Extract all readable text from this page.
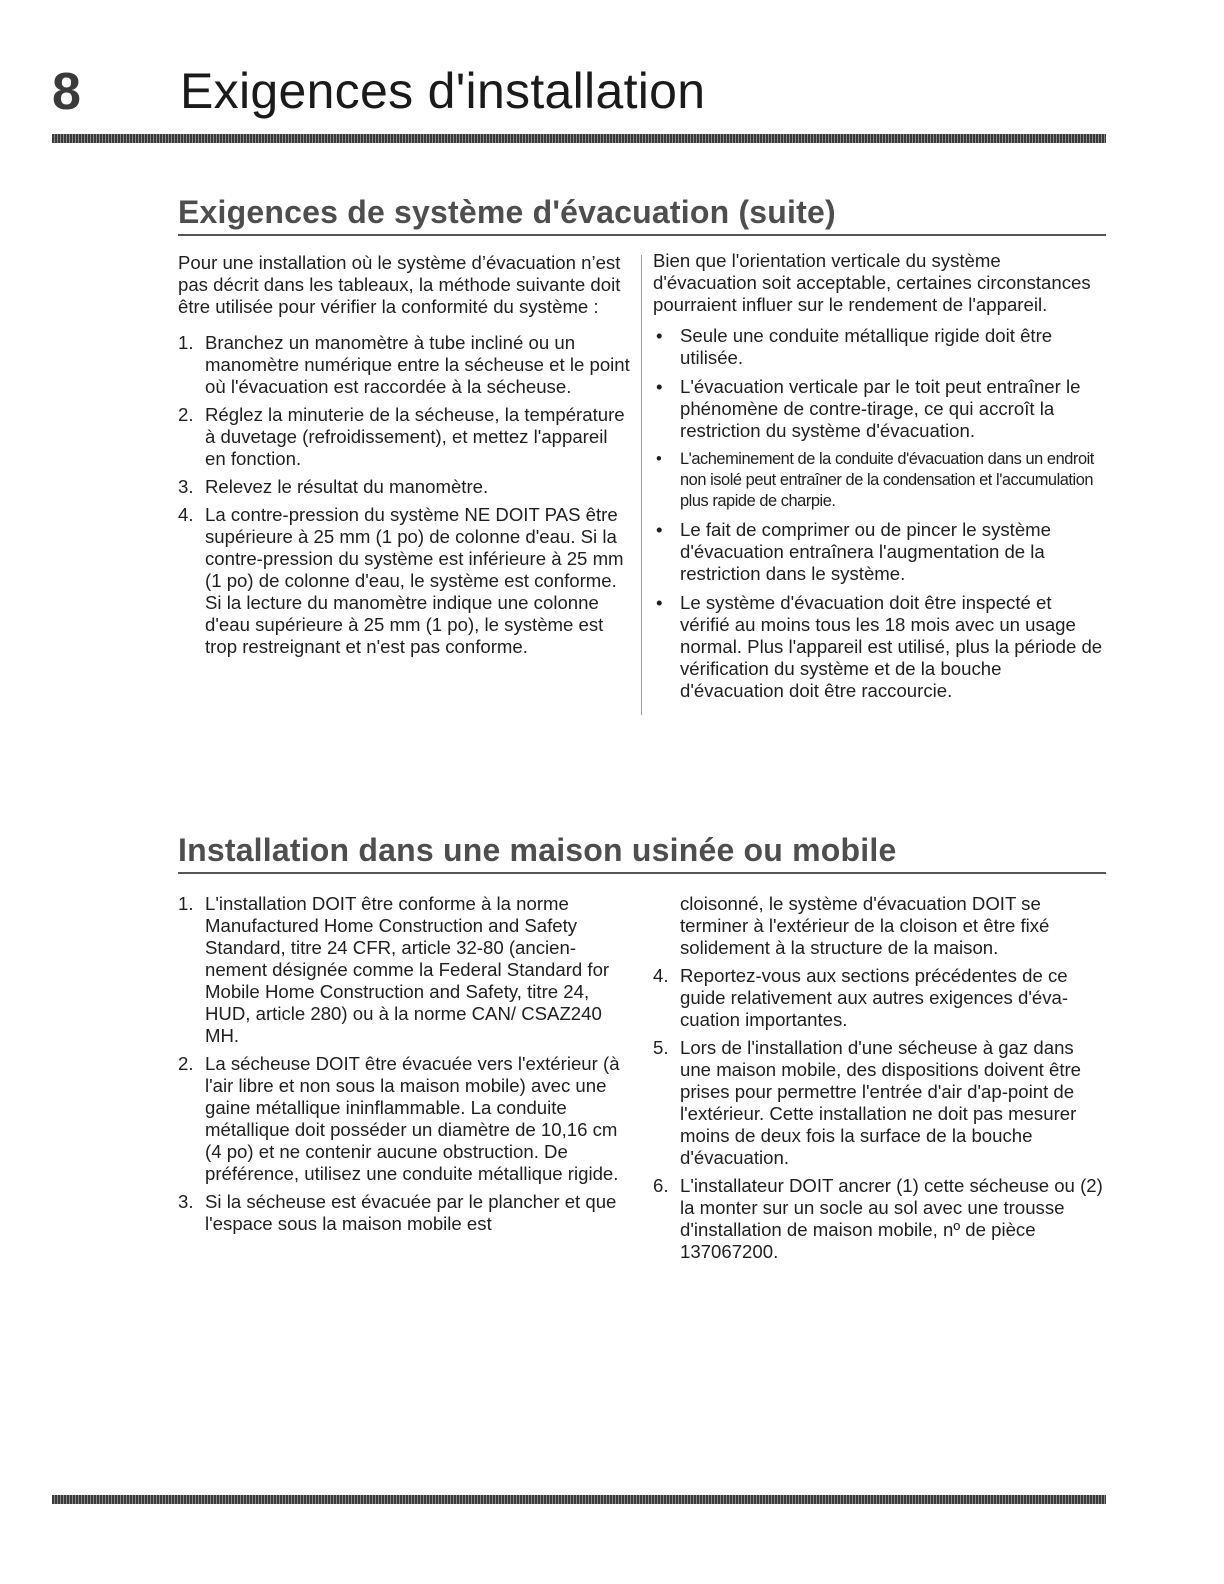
8 Exigences d'installation
Exigences de système d'évacuation (suite)

Pour une installation où le système d’évacuation n’est pas décrit dans les tableaux, la méthode suivante doit être utilisée pour vérifier la conformité du système :

1. Branchez un manomètre à tube incliné ou un manomètre numérique entre la sécheuse et le point où l'évacuation est raccordée à la sécheuse.
2. Réglez la minuterie de la sécheuse, la température à duvetage (refroidissement), et mettez l'appareil en fonction.
3. Relevez le résultat du manomètre.
4. La contre-pression du système NE DOIT PAS être supérieure à 25 mm (1 po) de colonne d'eau. Si la contre-pression du système est inférieure à 25 mm (1 po) de colonne d'eau, le système est conforme. Si la lecture du manomètre indique une colonne d'eau supérieure à 25 mm (1 po), le système est trop restreignant et n'est pas conforme.

Bien que l'orientation verticale du système d'évacuation soit acceptable, certaines circonstances pourraient influer sur le rendement de l'appareil.

• Seule une conduite métallique rigide doit être utilisée.
• L'évacuation verticale par le toit peut entraîner le phénomène de contre-tirage, ce qui accroît la restriction du système d'évacuation.
• L'acheminement de la conduite d'évacuation dans un endroit non isolé peut entraîner de la condensation et l'accumulation plus rapide de charpie.
• Le fait de comprimer ou de pincer le système d'évacuation entraînera l'augmentation de la restriction dans le système.
• Le système d'évacuation doit être inspecté et vérifié au moins tous les 18 mois avec un usage normal. Plus l'appareil est utilisé, plus la période de vérification du système et de la bouche d'évacuation doit être raccourcie.
Installation dans une maison usinée ou mobile
1. L'installation DOIT être conforme à la norme Manufactured Home Construction and Safety Standard, titre 24 CFR, article 32-80 (ancien-nement désignée comme la Federal Standard for Mobile Home Construction and Safety, titre 24, HUD, article 280) ou à la norme CAN/ CSAZ240 MH.
2. La sécheuse DOIT être évacuée vers l'extérieur (à l'air libre et non sous la maison mobile) avec une gaine métallique ininflammable. La conduite métallique doit posséder un diamètre de 10,16 cm (4 po) et ne contenir aucune obstruction. De préférence, utilisez une conduite métallique rigide.
3. Si la sécheuse est évacuée par le plancher et que l'espace sous la maison mobile est

cloisonné, le système d'évacuation DOIT se terminer à l'extérieur de la cloison et être fixé solidement à la structure de la maison.

4. Reportez-vous aux sections précédentes de ce guide relativement aux autres exigences d'éva-cuation importantes.
5. Lors de l'installation d'une sécheuse à gaz dans une maison mobile, des dispositions doivent être prises pour permettre l'entrée d'air d'ap-point de l'extérieur. Cette installation ne doit pas mesurer moins de deux fois la surface de la bouche d'évacuation.
6. L'installateur DOIT ancrer (1) cette sécheuse ou (2) la monter sur un socle au sol avec une trousse d'installation de maison mobile, nº de pièce 137067200.
